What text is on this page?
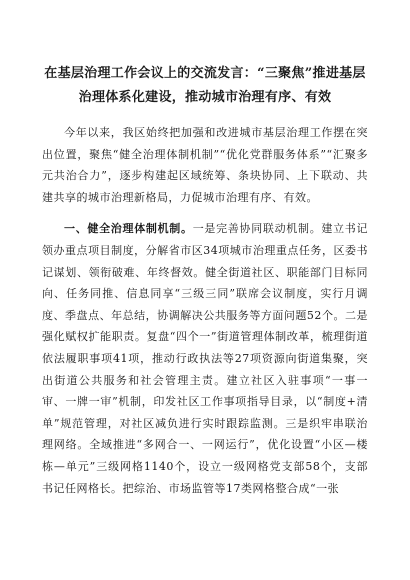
在基层治理工作会议上的交流发言：“三聚焦”推进基层
治理体系化建设，推动城市治理有序、有效

今年以来，我区始终把加强和改进城市基层治理工作摆在突出位置，聚焦“健全治理体制机制”“优化党群服务体系”“汇聚多元共治合力”，逐步构建起区域统筹、条块协同、上下联动、共建共享的城市治理新格局，力促城市治理有序、有效。

一、健全治理体制机制。一是完善协同联动机制。建立书记领办重点项目制度，分解省市区34项城市治理重点任务，区委书记谋划、领衔破难、年终督效。健全街道社区、职能部门目标同向、任务同推、信息同享“三级三同”联席会议制度，实行月调度、季盘点、年总结，协调解决公共服务等方面问题52个。二是强化赋权扩能职责。复盘“四个一”街道管理体制改革，梳理街道依法履职事项41项，推动行政执法等27项资源向街道集聚，突出街道公共服务和社会管理主责。建立社区入驻事项“一事一审、一牌一审”机制，印发社区工作事项指导目录，以“制度+清单”规范管理，对社区减负进行实时跟踪监测。三是织牢串联治理网络。全域推进“多网合一、一网运行”，优化设置“小区—楼栋—单元”三级网格1140个，设立一级网格党支部58个，支部书记任网格长。把综治、市场监管等17类网格整合成“一张
